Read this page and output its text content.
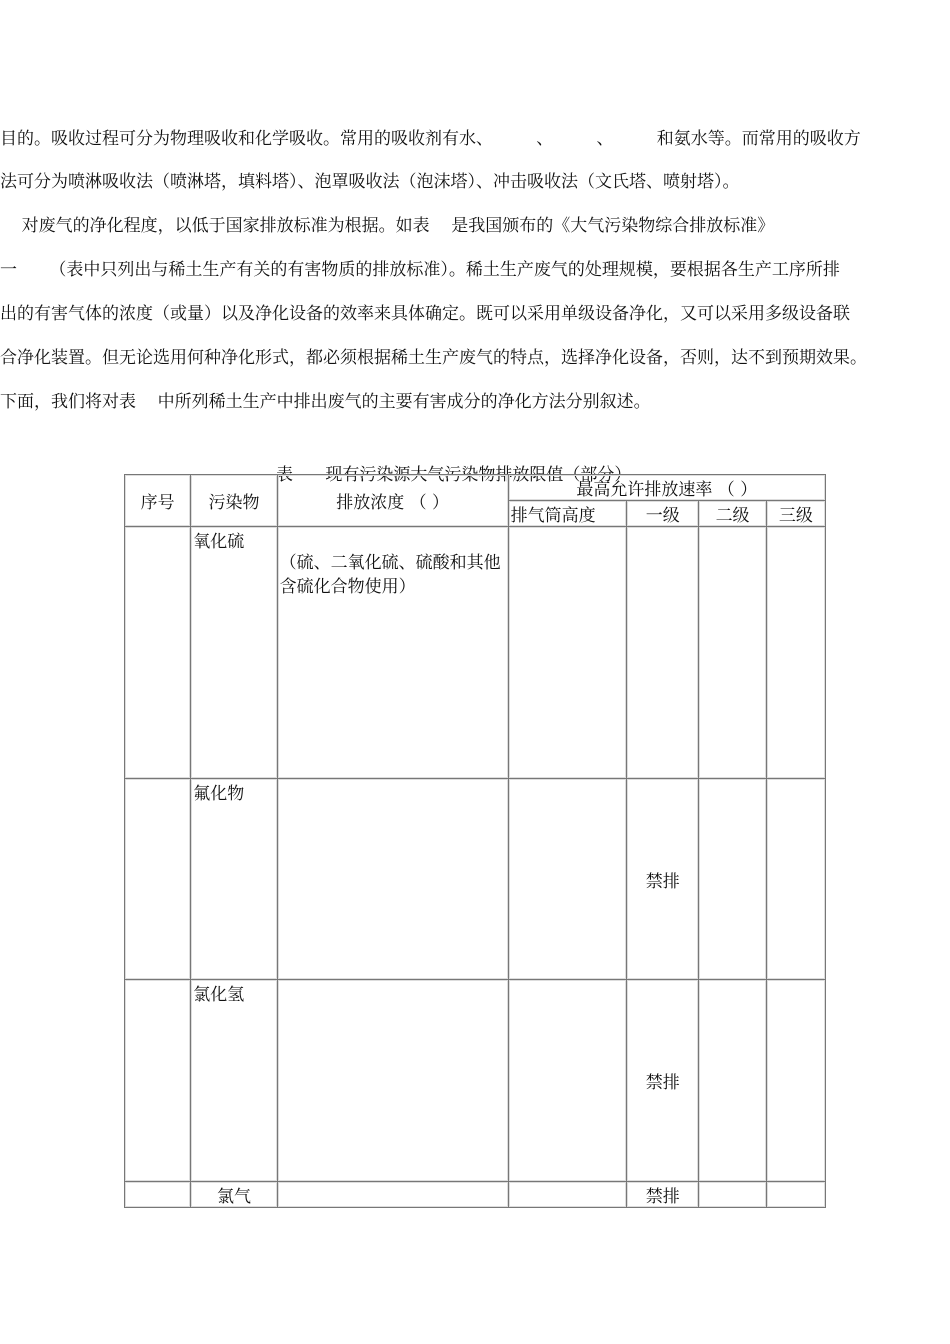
目的。吸收过程可分为物理吸收和化学吸收。常用的吸收剂有水、        、        、        和氨水等。而常用的吸收方
法可分为喷淋吸收法（喷淋塔，填料塔）、泡罩吸收法（泡沫塔）、冲击吸收法（文氏塔、喷射塔）。
对废气的净化程度，以低于国家排放标准为根据。如表    是我国颁布的《大气污染物综合排放标准》
一      （表中只列出与稀土生产有关的有害物质的排放标准）。稀土生产废气的处理规模，要根据各生产工序所排
出的有害气体的浓度（或量）以及净化设备的效率来具体确定。既可以采用单级设备净化，又可以采用多级设备联
合净化装置。但无论选用何种净化形式，都必须根据稀土生产废气的特点，选择净化设备，否则，达不到预期效果。
下面，我们将对表    中所列稀土生产中排出废气的主要有害成分的净化方法分别叙述。

表      现有污染源大气污染物排放限值（部分）

序号	污染物	排放浓度 （ ）	最高允许排放速率 （ ）			
			排气筒高度	一级	二级	三级
	氧化硫	（硫、二氧化硫、硫酸和其他含硫化合物使用）				
	氟化物			禁排		
	氯化氢			禁排		
	氯气			禁排		
